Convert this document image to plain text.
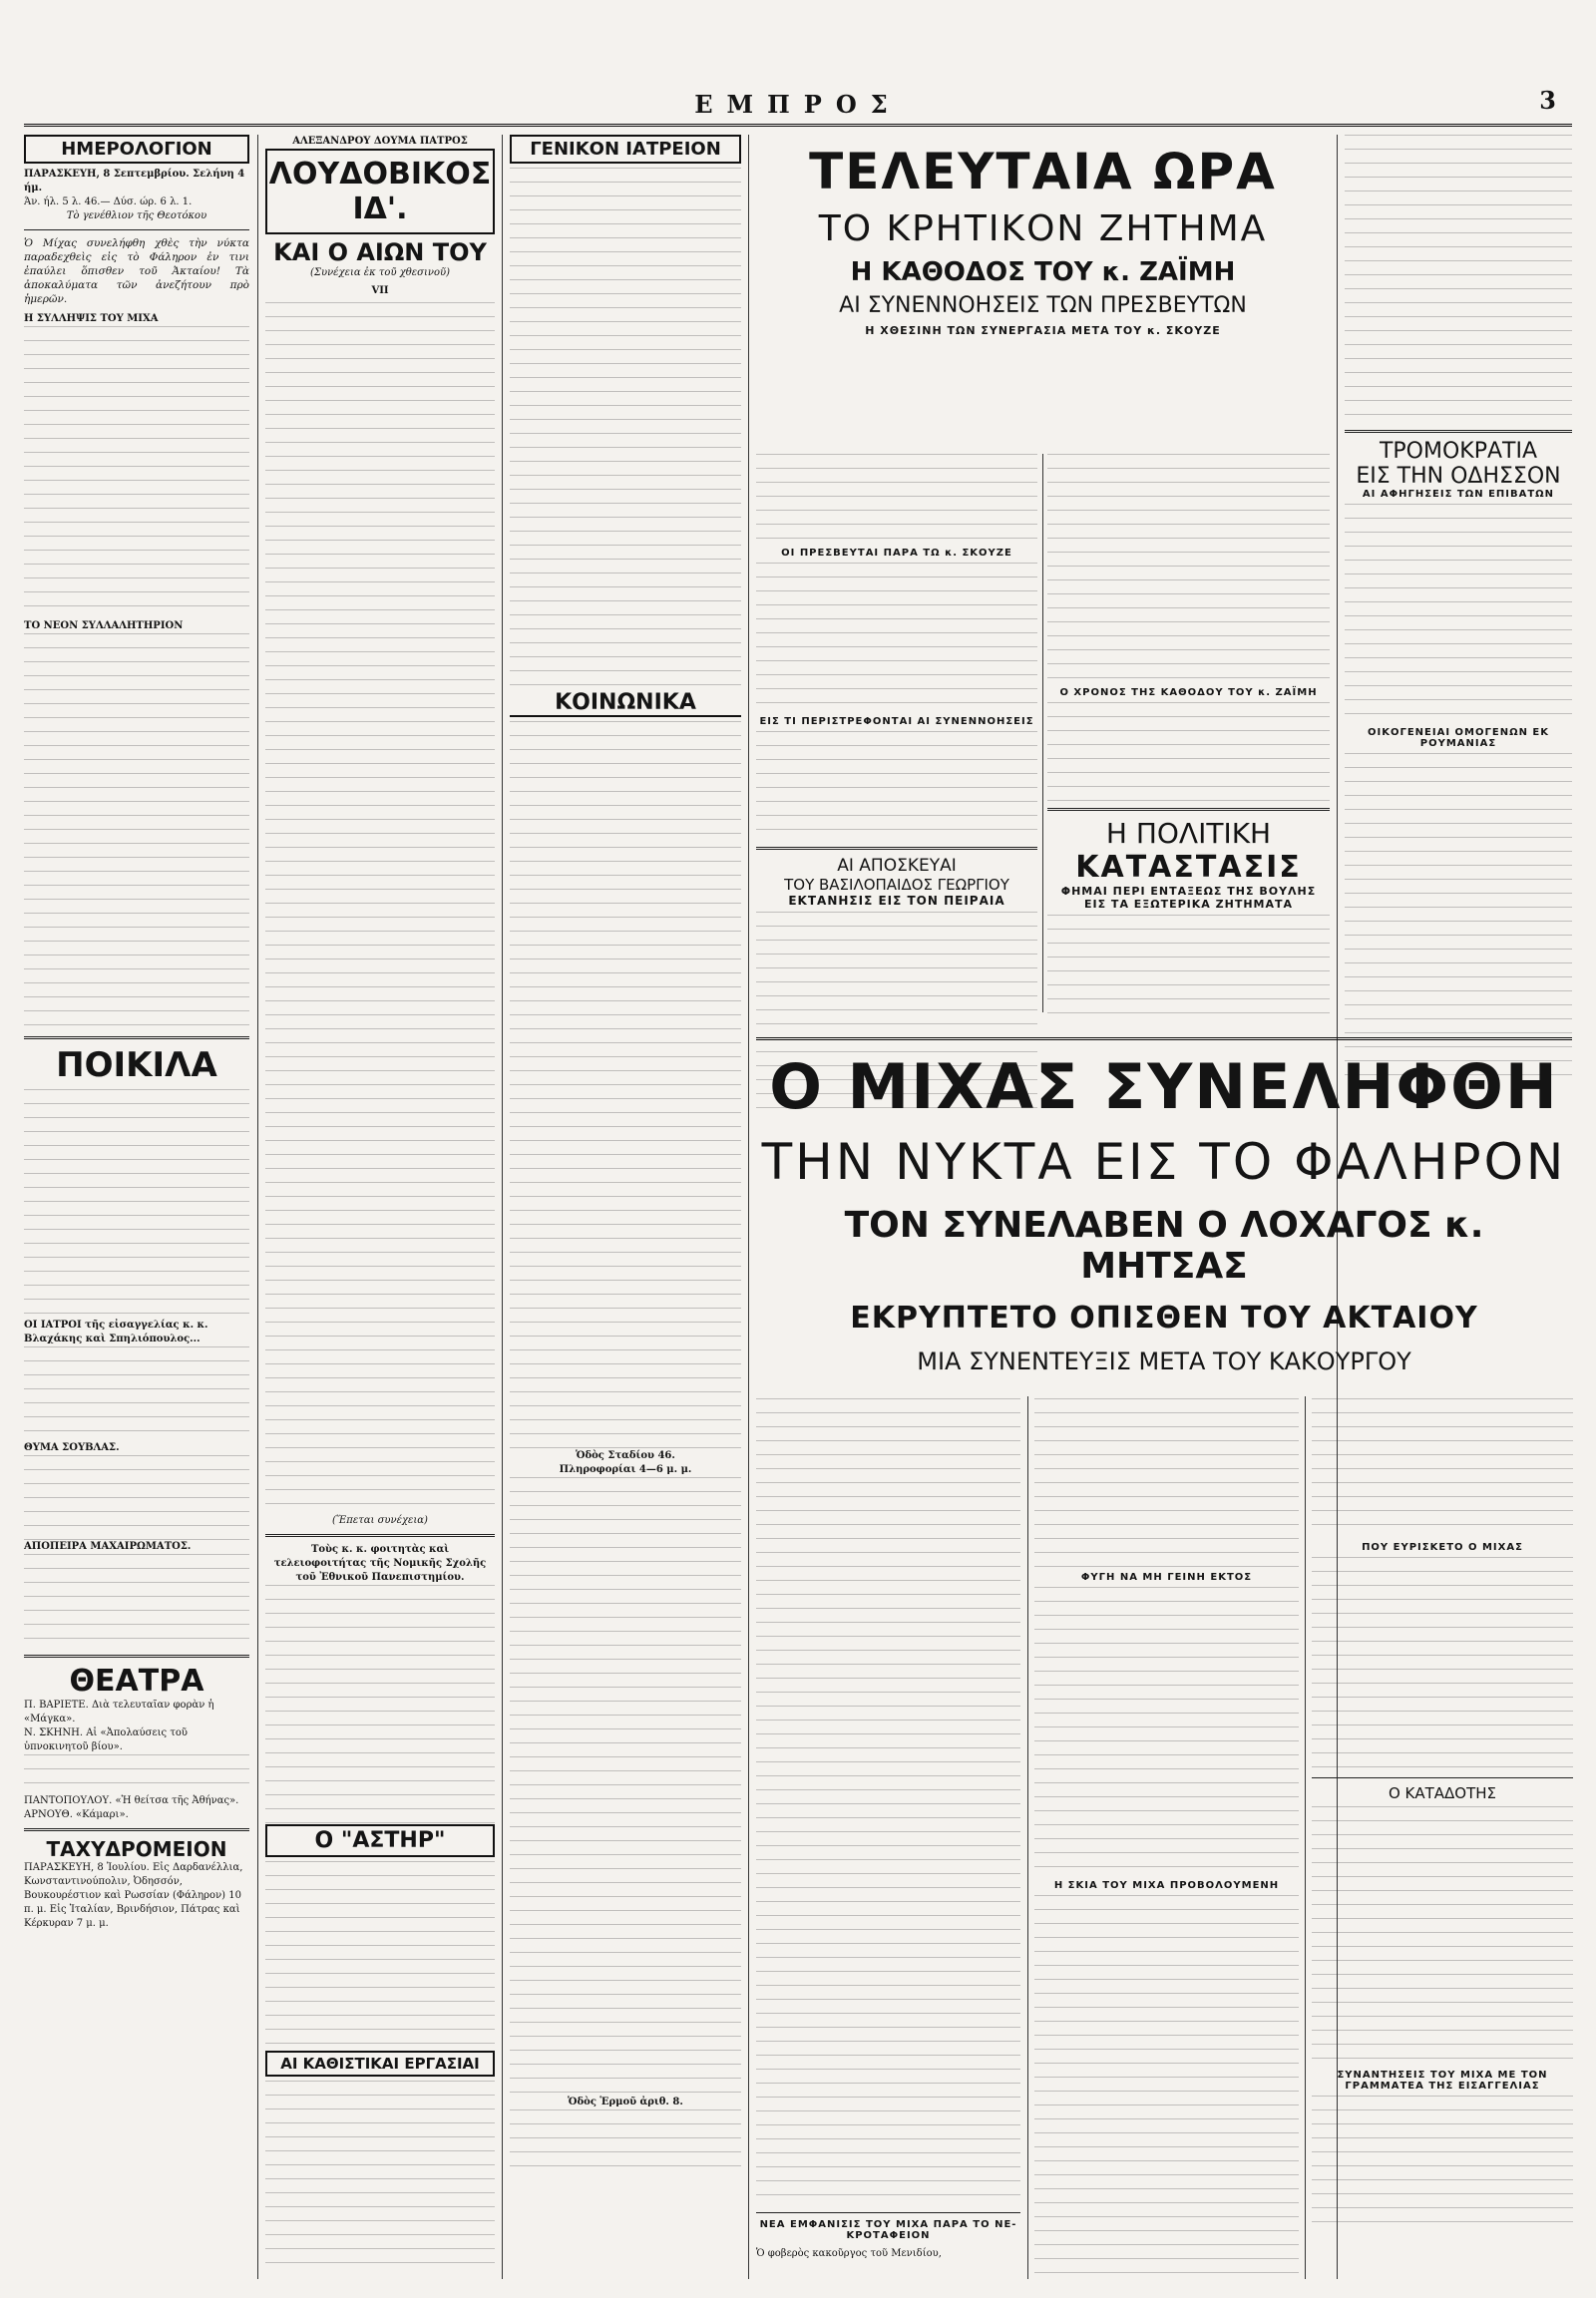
ΕΜΠΡΟΣ	3
ΗΜΕΡΟΛΟΓΙΟΝ
ΠΑΡΑΣΚΕΥΗ, 8 Σεπτεμβρίου. Σελήνη 4 ήμ.
Άν. ήλ. 5 λ. 46.— Δύσ. ώρ. 6 λ. 1.
Τὸ γενέθλιον τῆς Θεοτόκου
Ὁ Μίχας συνελήφθη χθὲς τὴν νύκτα παραδεχθεὶς εἰς τὸ Φάληρον ἐν τινι ἐπαύλει ὅπισθεν τοῦ Ἀκταίου! Τὰ ἀποκαλύματα τῶν ἀνεζήτουν πρὸ ἡμερῶν.
Η ΣΥΛΛΗΨΙΣ ΤΟΥ ΜΙΧΑ
ΤΟ ΝΕΟΝ ΣΥΛΛΑΛΗΤΗΡΙΟΝ
ΠΟΙΚΙΛΑ
ΟΙ ΙΑΤΡΟΙ τῆς εἰσαγγελίας κ. κ. Βλαχάκης καὶ Σπηλιόπουλος...
ΘΥΜΑ ΣΟΥΒΛΑΣ.
ΑΠΟΠΕΙΡΑ ΜΑΧΑΙΡΩΜΑΤΟΣ.
ΘΕΑΤΡΑ
Π. ΒΑΡΙΕΤΕ. Διὰ τελευταῖαν φορὰν ἡ «Μάγκα».
Ν. ΣΚΗΝΗ. Αἱ «Ἀπολαύσεις τοῦ ὑπνοκινητοῦ βίου».
ΠΑΝΤΟΠΟΥΛΟΥ. «Ἡ θείτσα τῆς Ἀθήνας».
ΑΡΝΟΥΘ. «Κάμαρι».
ΤΑΧΥΔΡΟΜΕΙΟΝ
ΠΑΡΑΣΚΕΥΗ, 8 Ἰουλίου. Εἰς Δαρδανέλλια, Κωνσταντινούπολιν, Ὀδησσόν, Βουκουρέστιον καὶ Ρωσσίαν (Φάληρον) 10 π. μ. Εἰς Ἰταλίαν, Βρινδήσιον, Πάτρας καὶ Κέρκυραν 7 μ. μ.
ΑΛΕΞΑΝΔΡΟΥ ΔΟΥΜΑ ΠΑΤΡΟΣ
ΛΟΥΔΟΒΙΚΟΣ ΙΔ'.
ΚΑΙ Ο ΑΙΩΝ ΤΟΥ
(Συνέχεια ἐκ τοῦ χθεσινοῦ)
VII
(Ἕπεται συνέχεια)
Τοὺς κ. κ. φοιτητὰς καὶ τελειοφοιτήτας τῆς Νομικῆς Σχολῆς τοῦ Ἐθνικοῦ Πανεπιστημίου.
Ο "ΑΣΤΗΡ"
ΑΙ ΚΑΘΙΣΤΙΚΑΙ ΕΡΓΑΣΙΑΙ
ΓΕΝΙΚΟΝ ΙΑΤΡΕΙΟΝ
ΚΟΙΝΩΝΙΚΑ
Ὁδὸς Σταδίου 46.
Πληροφορίαι 4—6 μ. μ.
Ὁδὸς Ἑρμοῦ ἀριθ. 8.
ΤΕΛΕΥΤΑΙΑ ΩΡΑ
ΤΟ ΚΡΗΤΙΚΟΝ ΖΗΤΗΜΑ
Η ΚΑΘΟΔΟΣ ΤΟΥ κ. ΖΑΪΜΗ
ΑΙ ΣΥΝΕΝΝΟΗΣΕΙΣ ΤΩΝ ΠΡΕΣΒΕΥΤΩΝ
Η ΧΘΕΣΙΝΗ ΤΩΝ ΣΥΝΕΡΓΑΣΙΑ ΜΕΤΑ ΤΟΥ κ. ΣΚΟΥΖΕ
ΟΙ ΠΡΕΣΒΕΥΤΑΙ ΠΑΡΑ ΤΩ κ. ΣΚΟΥΖΕ
ΕΙΣ ΤΙ ΠΕΡΙΣΤΡΕΦΟΝΤΑΙ ΑΙ ΣΥΝΕΝΝΟΗΣΕΙΣ
ΑΙ ΑΠΟΣΚΕΥΑΙ
ΤΟΥ ΒΑΣΙΛΟΠΑΙΔΟΣ ΓΕΩΡΓΙΟΥ
ΕΚΤΑΝΗΣΙΣ ΕΙΣ ΤΟΝ ΠΕΙΡΑΙΑ
Ο ΧΡΟΝΟΣ ΤΗΣ ΚΑΘΟΔΟΥ ΤΟΥ κ. ΖΑΪΜΗ
Η ΠΟΛΙΤΙΚΗ
ΚΑΤΑΣΤΑΣΙΣ
ΦΗΜΑΙ ΠΕΡΙ ΕΝΤΑΞΕΩΣ ΤΗΣ ΒΟΥΛΗΣ
ΕΙΣ ΤΑ ΕΞΩΤΕΡΙΚΑ ΖΗΤΗΜΑΤΑ
ΤΡΟΜΟΚΡΑΤΙΑ
ΕΙΣ ΤΗΝ ΟΔΗΣΣΟΝ
ΑΙ ΑΦΗΓΗΣΕΙΣ ΤΩΝ ΕΠΙΒΑΤΩΝ
ΟΙΚΟΓΕΝΕΙΑΙ ΟΜΟΓΕΝΩΝ ΕΚ ΡΟΥΜΑΝΙΑΣ
Ο ΜΙΧΑΣ ΣΥΝΕΛΗΦΘΗ
ΤΗΝ ΝΥΚΤΑ ΕΙΣ ΤΟ ΦΑΛΗΡΟΝ
ΤΟΝ ΣΥΝΕΛΑΒΕΝ Ο ΛΟΧΑΓΟΣ κ. ΜΗΤΣΑΣ
ΕΚΡΥΠΤΕΤΟ ΟΠΙΣΘΕΝ ΤΟΥ ΑΚΤΑΙΟΥ
ΜΙΑ ΣΥΝΕΝΤΕΥΞΙΣ ΜΕΤΑ ΤΟΥ ΚΑΚΟΥΡΓΟΥ
ΝΕΑ ΕΜΦΑΝΙΣΙΣ ΤΟΥ ΜΙΧΑ ΠΑΡΑ ΤΟ ΝΕ- ΚΡΟΤΑΦΕΙΟΝ
Ὁ φοβερὸς κακοῦργος τοῦ Μενιδίου,
ΦΥΓΗ ΝΑ ΜΗ ΓΕΙΝΗ ΕΚΤΟΣ
Η ΣΚΙΑ ΤΟΥ ΜΙΧΑ ΠΡΟΒΟΛΟΥΜΕΝΗ
ΠΟΥ ΕΥΡΙΣΚΕΤΟ Ο ΜΙΧΑΣ
Ο ΚΑΤΑΔΟΤΗΣ
ΣΥΝΑΝΤΗΣΕΙΣ ΤΟΥ ΜΙΧΑ ΜΕ ΤΟΝ ΓΡΑΜΜΑΤΕΑ ΤΗΣ ΕΙΣΑΓΓΕΛΙΑΣ
